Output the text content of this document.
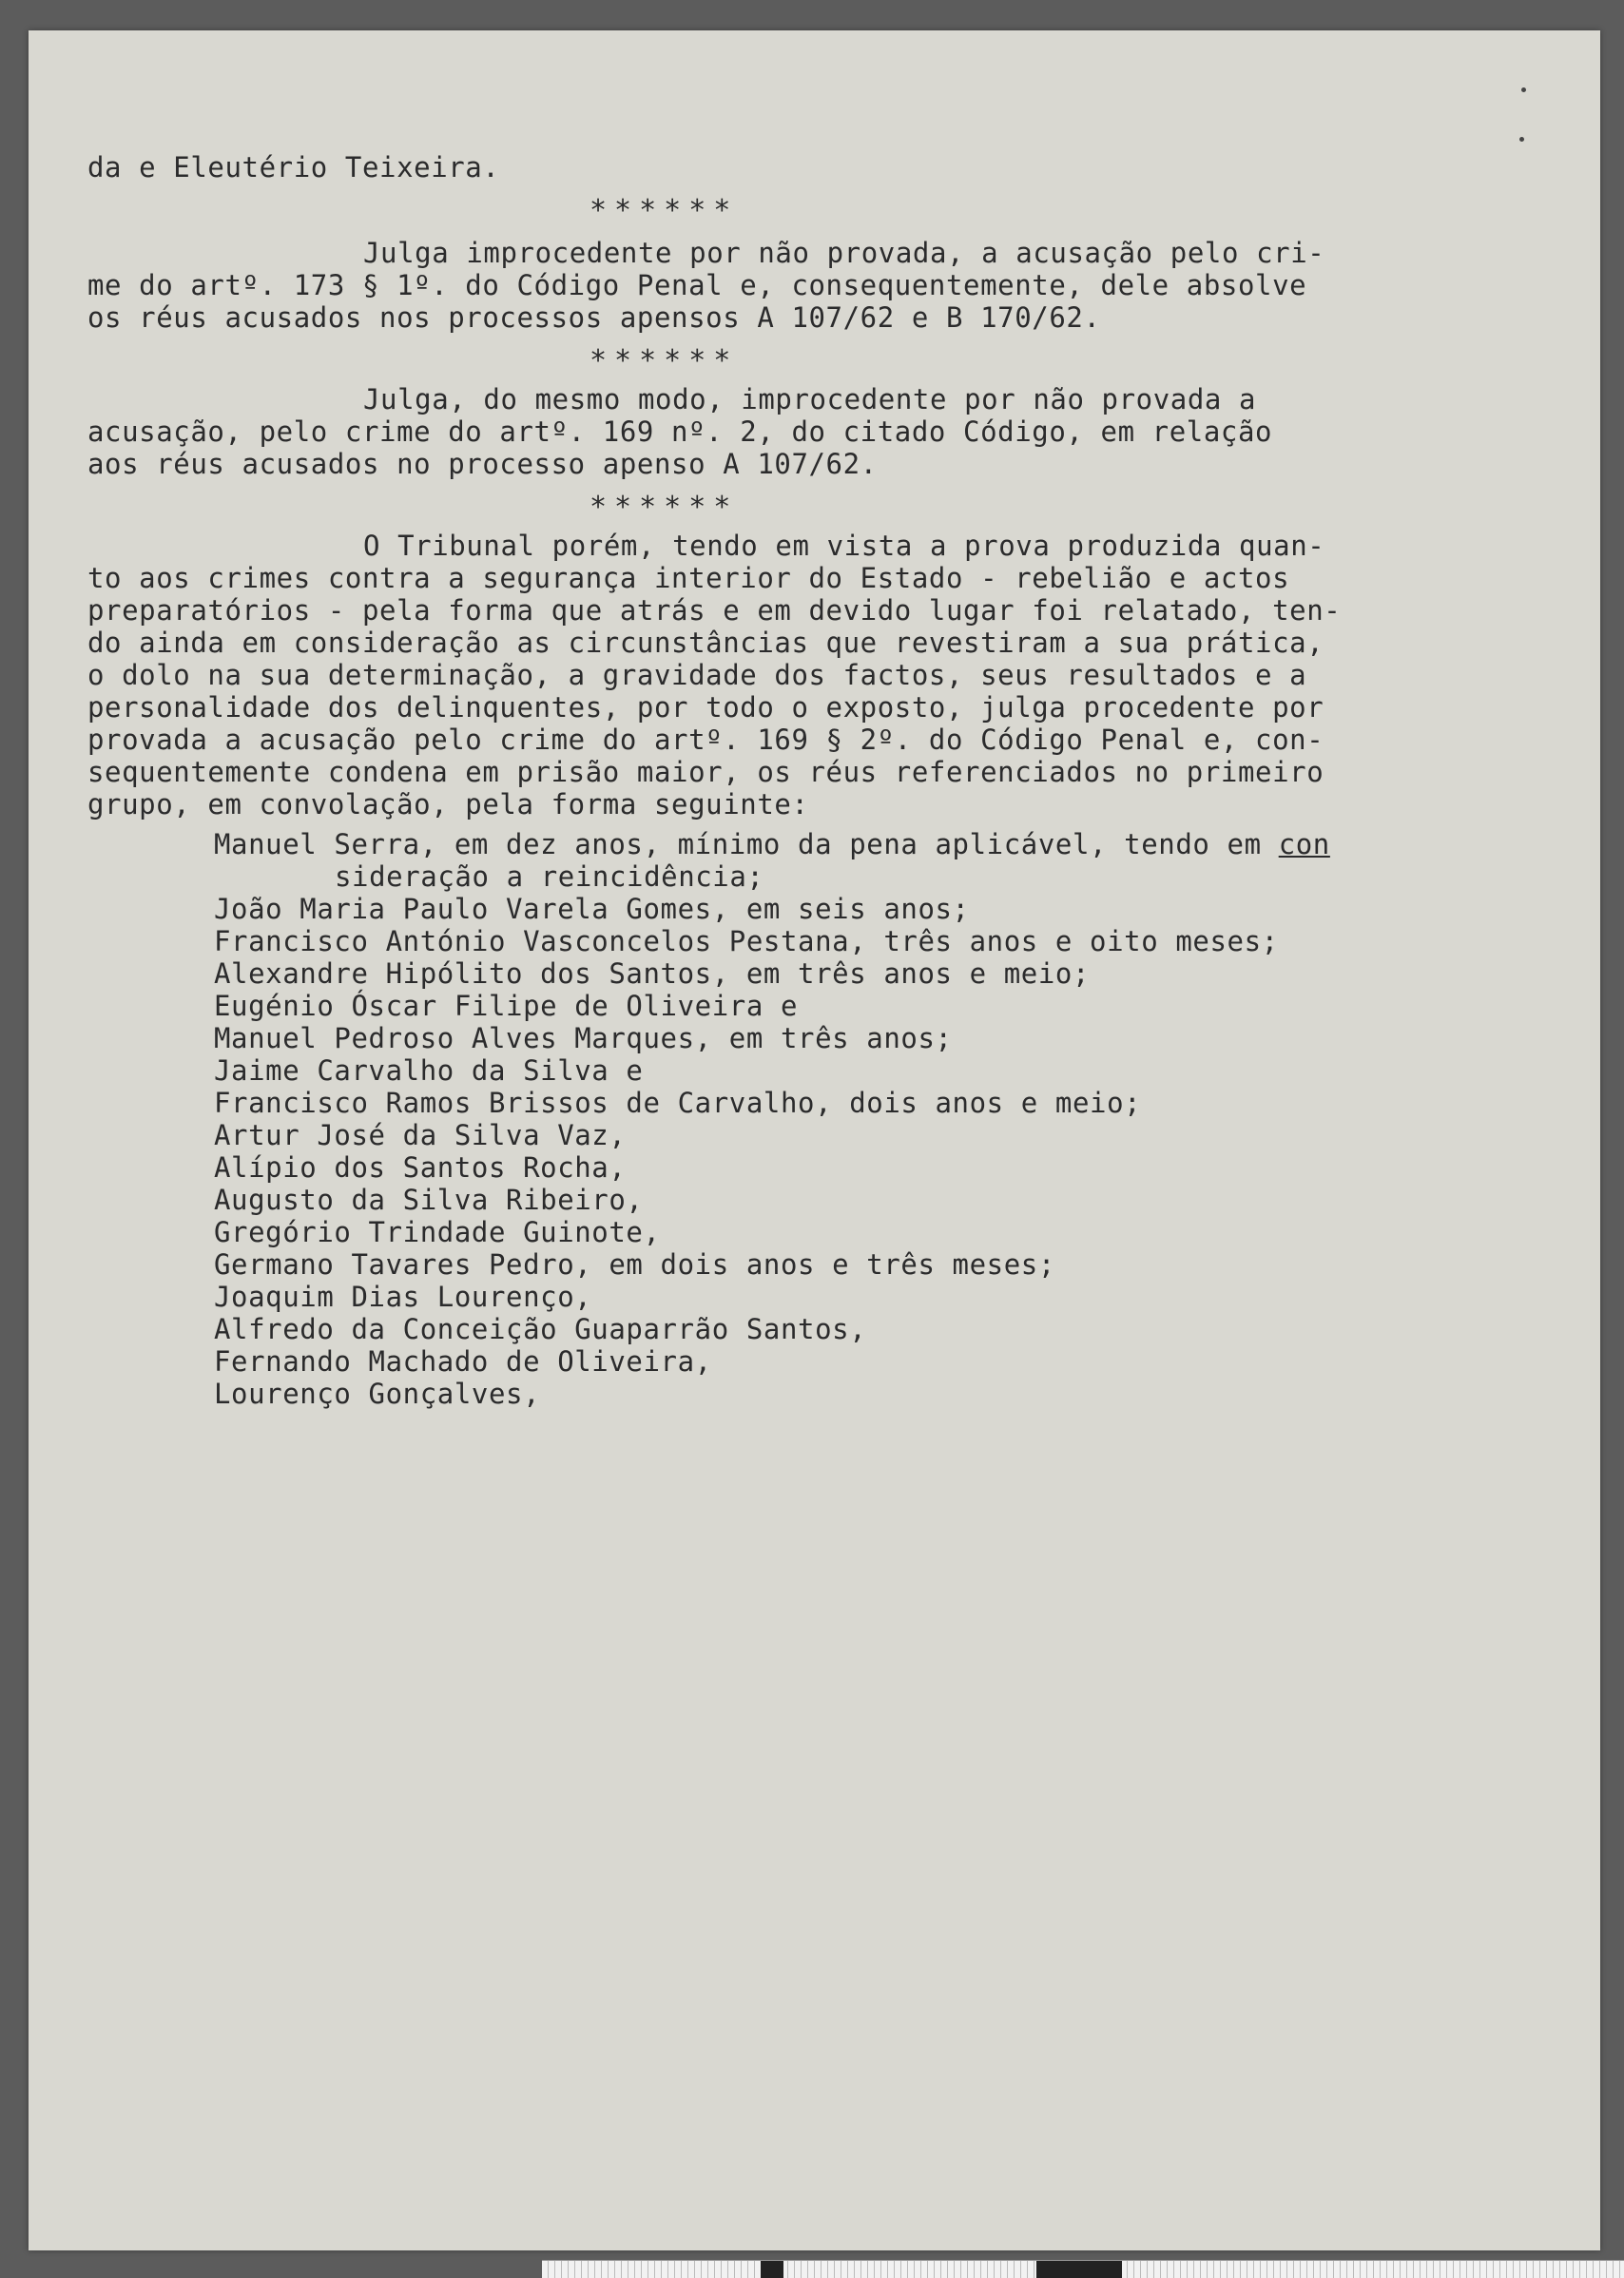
da e Eleutério Teixeira.
******
Julga improcedente por não provada, a acusação pelo cri-
me do artº. 173 § 1º. do Código Penal e, consequentemente, dele absolve
os réus acusados nos processos apensos A 107/62 e B 170/62.
******
Julga, do mesmo modo, improcedente por não provada a
acusação, pelo crime do artº. 169 nº. 2, do citado Código, em relação
aos réus acusados no processo apenso A 107/62.
******
O Tribunal porém, tendo em vista a prova produzida quan-
to aos crimes contra a segurança interior do Estado - rebelião e actos
preparatórios - pela forma que atrás e em devido lugar foi relatado, ten-
do ainda em consideração as circunstâncias que revestiram a sua prática,
o dolo na sua determinação, a gravidade dos factos, seus resultados e a
personalidade dos delinquentes, por todo o exposto, julga procedente por
provada a acusação pelo crime do artº. 169 § 2º. do Código Penal e, con-
sequentemente condena em prisão maior, os réus referenciados no primeiro
grupo, em convolação, pela forma seguinte:
Manuel Serra, em dez anos, mínimo da pena aplicável, tendo em con
sideração a reincidência;
João Maria Paulo Varela Gomes, em seis anos;
Francisco António Vasconcelos Pestana, três anos e oito meses;
Alexandre Hipólito dos Santos, em três anos e meio;
Eugénio Óscar Filipe de Oliveira e
Manuel Pedroso Alves Marques, em três anos;
Jaime Carvalho da Silva e
Francisco Ramos Brissos de Carvalho, dois anos e meio;
Artur José da Silva Vaz,
Alípio dos Santos Rocha,
Augusto da Silva Ribeiro,
Gregório Trindade Guinote,
Germano Tavares Pedro, em dois anos e três meses;
Joaquim Dias Lourenço,
Alfredo da Conceição Guaparrão Santos,
Fernando Machado de Oliveira,
Lourenço Gonçalves,
